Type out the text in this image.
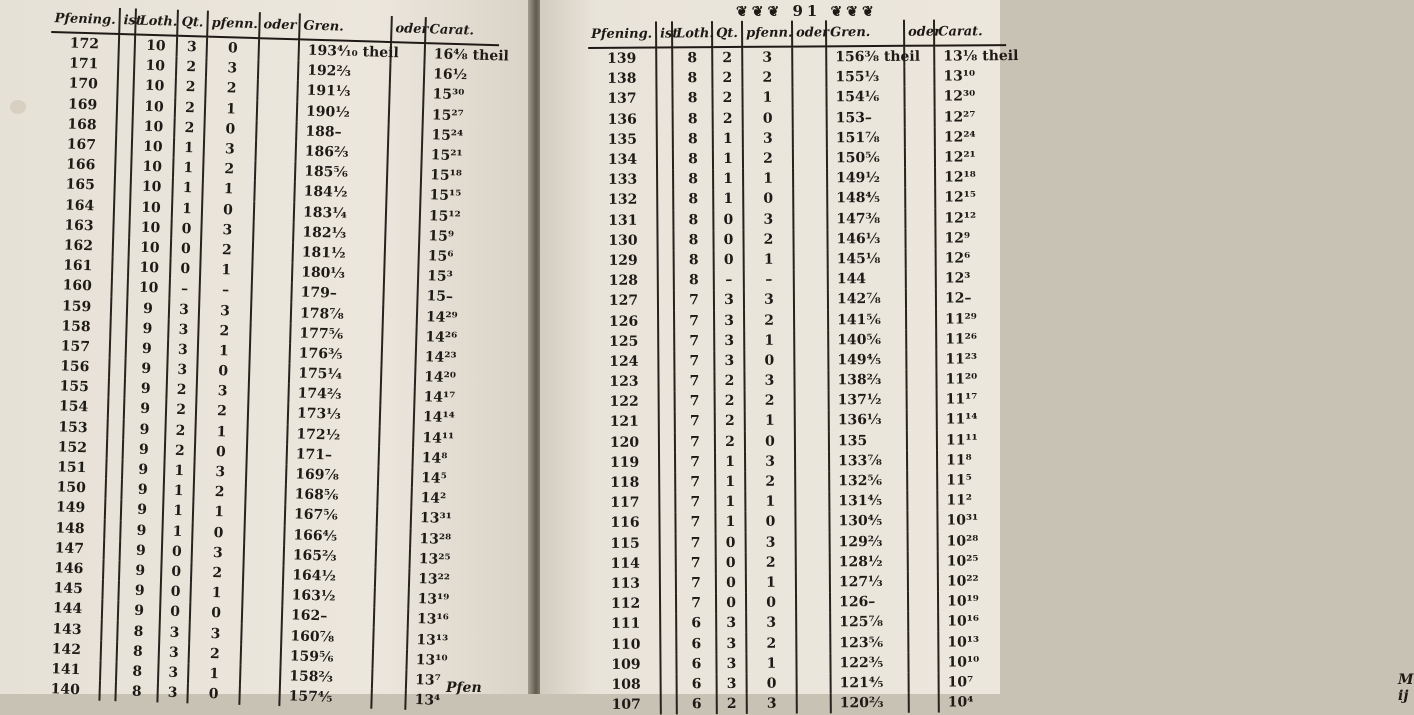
Pfening.	ist	Loth.	Qt.	pfenn.	oder	Gren.	oder	Carat.
172		10	3	0		193⁴⁄₁₀ theil		16⁴⁄₈ theil
171		10	2	3		192⅔		16½
170		10	2	2		191⅓		15³⁰
169		10	2	1		190½		15²⁷
168		10	2	0		188–		15²⁴
167		10	1	3		186⅔		15²¹
166		10	1	2		185⅚		15¹⁸
165		10	1	1		184½		15¹⁵
164		10	1	0		183¼		15¹²
163		10	0	3		182⅓		15⁹
162		10	0	2		181½		15⁶
161		10	0	1		180⅓		15³
160		10	–	–		179–		15–
159		9	3	3		178⅞		14²⁹
158		9	3	2		177⅚		14²⁶
157		9	3	1		176⅗		14²³
156		9	3	0		175¼		14²⁰
155		9	2	3		174⅔		14¹⁷
154		9	2	2		173⅓		14¹⁴
153		9	2	1		172½		14¹¹
152		9	2	0		171–		14⁸
151		9	1	3		169⅞		14⁵
150		9	1	2		168⅚		14²
149		9	1	1		167⅚		13³¹
148		9	1	0		166⅘		13²⁸
147		9	0	3		165⅔		13²⁵
146		9	0	2		164½		13²²
145		9	0	1		163½		13¹⁹
144		9	0	0		162–		13¹⁶
143		8	3	3		160⅞		13¹³
142		8	3	2		159⅚		13¹⁰
141		8	3	1		158⅔		13⁷
140		8	3	0		157⅘		13⁴
Pfen
Pfening.	ist	Loth.	Qt.	pfenn.	oder	Gren.	oder	Carat.
139		8	2	3		156⅜ theil		13¹⁄₈ theil
138		8	2	2		155⅓		13¹⁰
137		8	2	1		154⅙		12³⁰
136		8	2	0		153–		12²⁷
135		8	1	3		151⅞		12²⁴
134		8	1	2		150⅚		12²¹
133		8	1	1		149½		12¹⁸
132		8	1	0		148⅘		12¹⁵
131		8	0	3		147⅜		12¹²
130		8	0	2		146⅓		12⁹
129		8	0	1		145⅛		12⁶
128		8	–	–		144		12³
127		7	3	3		142⅞		12–
126		7	3	2		141⅚		11²⁹
125		7	3	1		140⅚		11²⁶
124		7	3	0		149⅘		11²³
123		7	2	3		138⅔		11²⁰
122		7	2	2		137½		11¹⁷
121		7	2	1		136⅓		11¹⁴
120		7	2	0		135		11¹¹
119		7	1	3		133⅞		11⁸
118		7	1	2		132⅚		11⁵
117		7	1	1		131⅘		11²
116		7	1	0		130⅘		10³¹
115		7	0	3		129⅔		10²⁸
114		7	0	2		128½		10²⁵
113		7	0	1		127⅓		10²²
112		7	0	0		126–		10¹⁹
111		6	3	3		125⅞		10¹⁶
110		6	3	2		123⅚		10¹³
109		6	3	1		122⅗		10¹⁰
108		6	3	0		121⅘		10⁷
107		6	2	3		120⅔		10⁴
M ij
❦❦❦ 91 ❦❦❦
